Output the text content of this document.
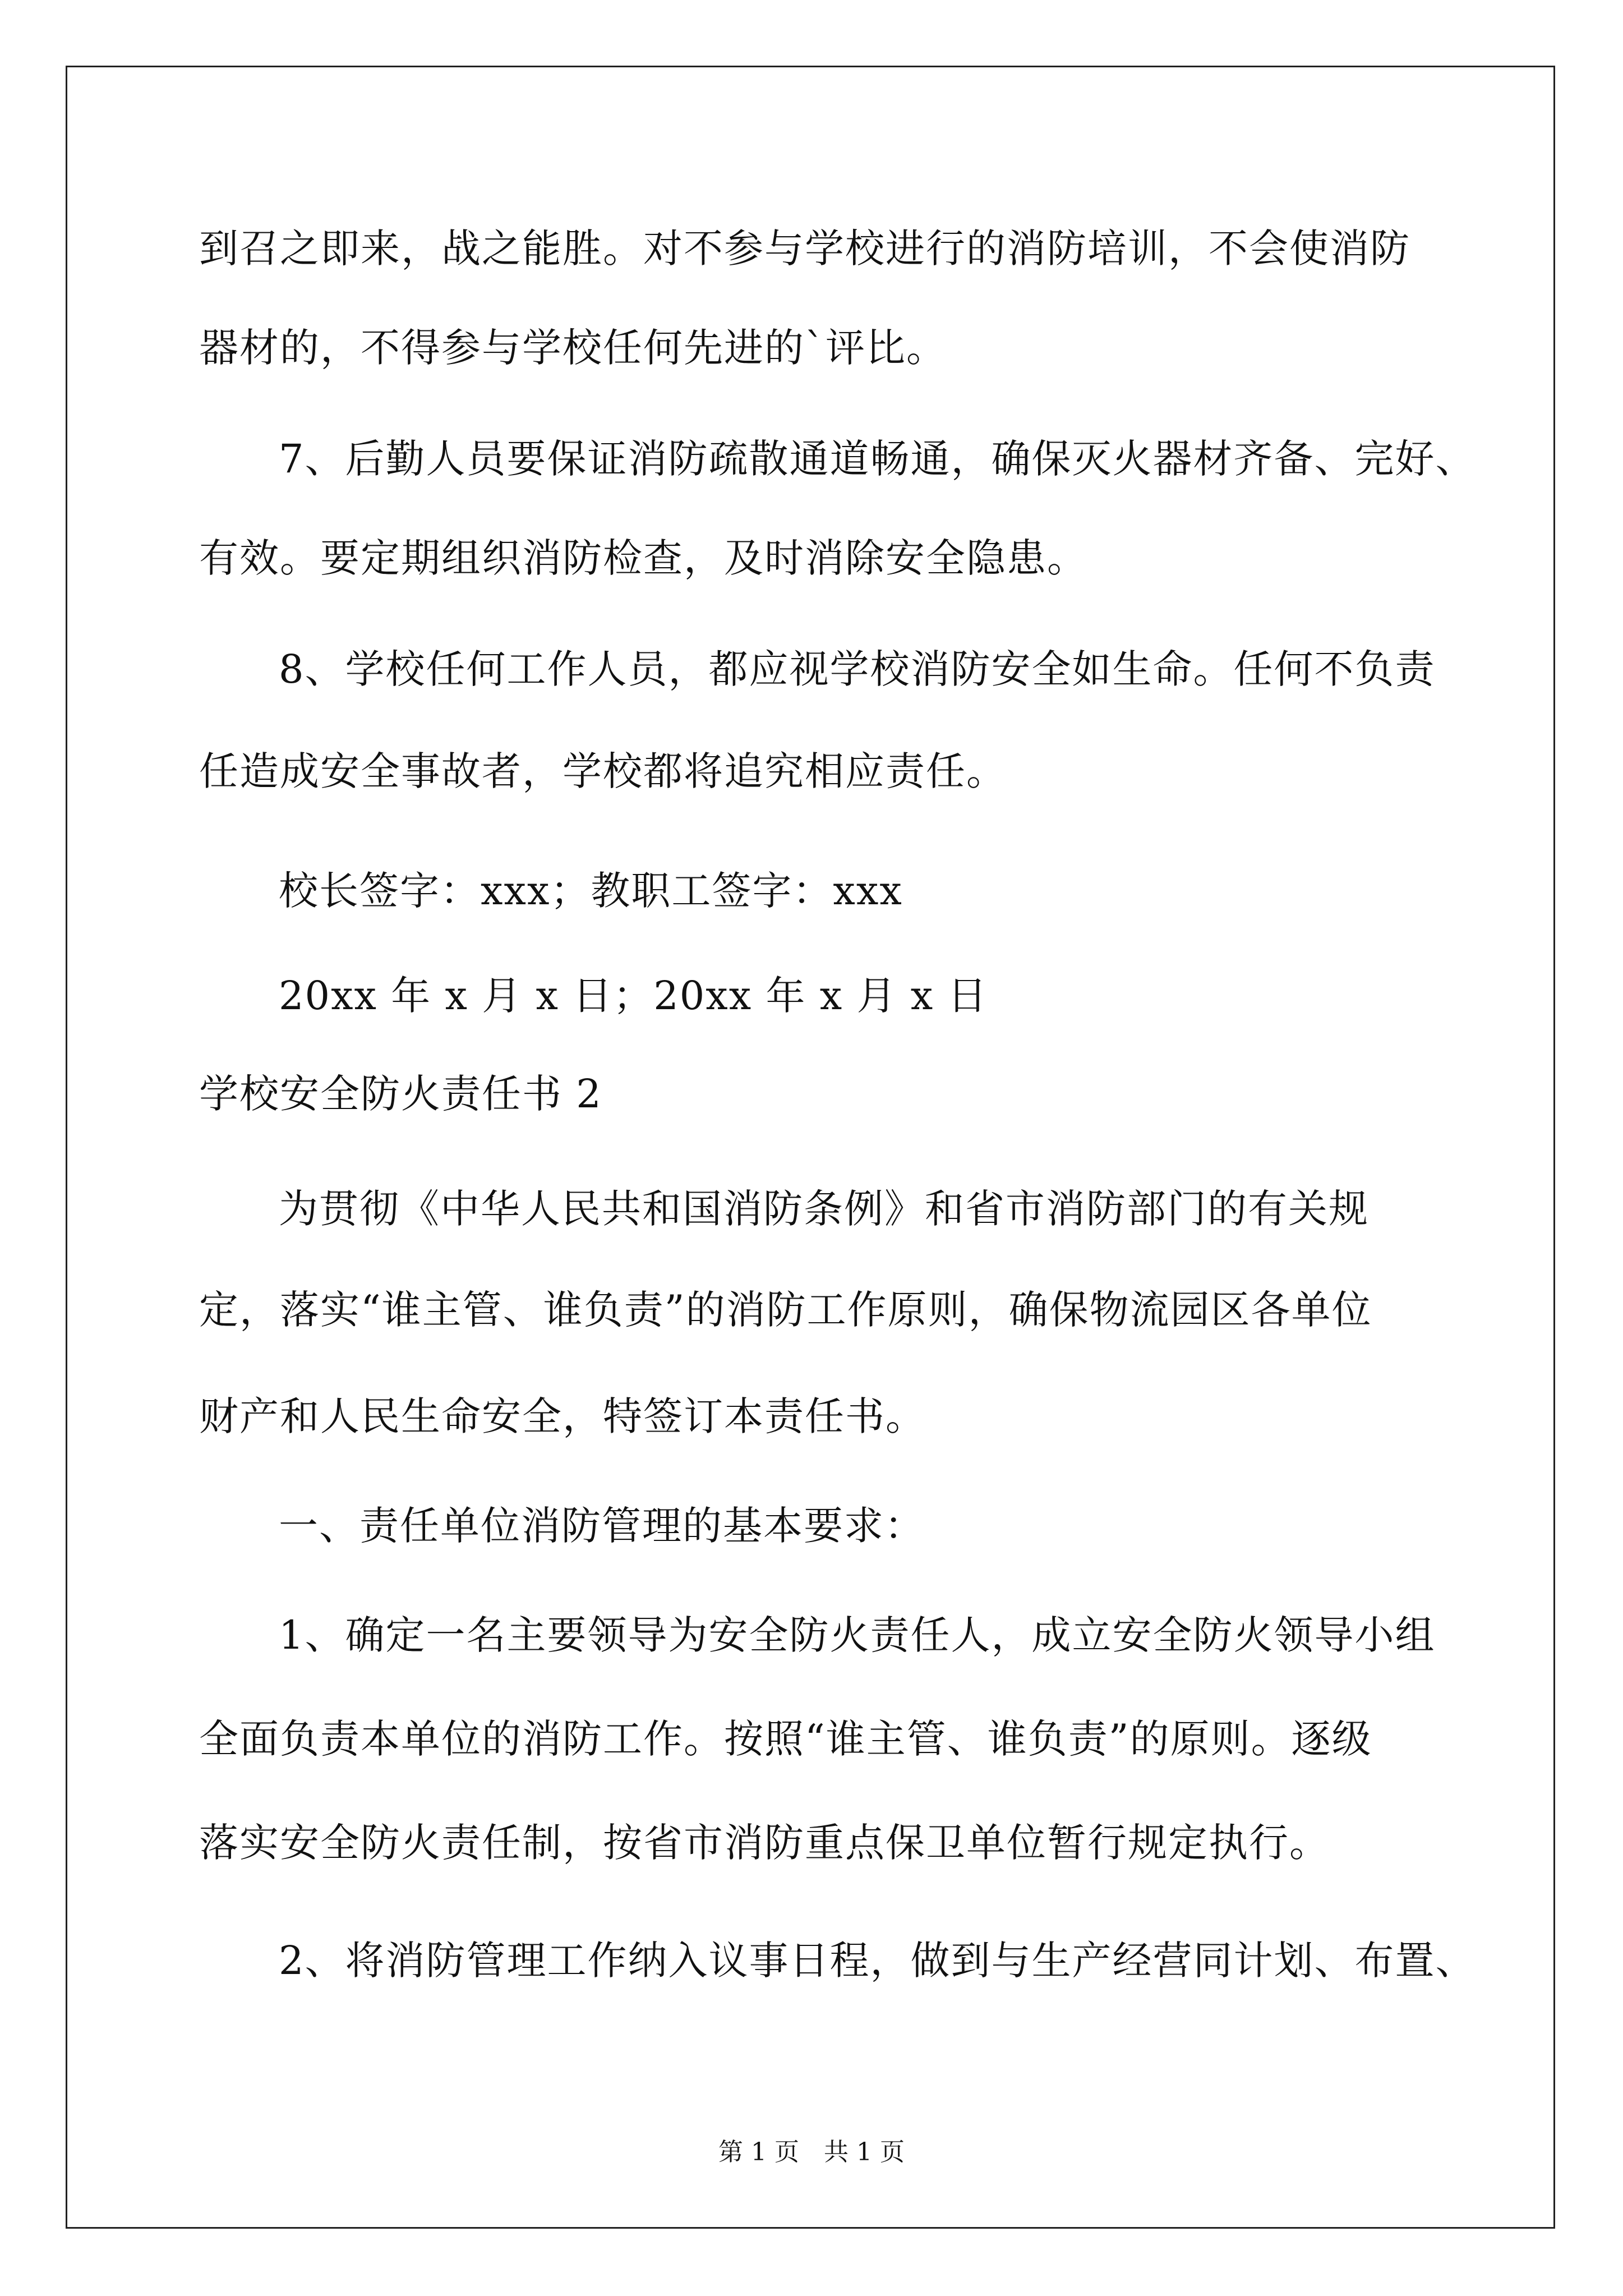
到召之即来，战之能胜。对不参与学校进行的消防培训，不会使消防
器材的，不得参与学校任何先进的`评比。
7、后勤人员要保证消防疏散通道畅通，确保灭火器材齐备、完好、
有效。要定期组织消防检查，及时消除安全隐患。
8、学校任何工作人员，都应视学校消防安全如生命。任何不负责
任造成安全事故者，学校都将追究相应责任。
校长签字：xxx；教职工签字：xxx
20xx 年 x 月 x 日；20xx 年 x 月 x 日
学校安全防火责任书 2
为贯彻《中华人民共和国消防条例》和省市消防部门的有关规
定，落实“谁主管、谁负责”的消防工作原则，确保物流园区各单位
财产和人民生命安全，特签订本责任书。
一、责任单位消防管理的基本要求：
1、确定一名主要领导为安全防火责任人，成立安全防火领导小组
全面负责本单位的消防工作。按照“谁主管、谁负责”的原则。逐级
落实安全防火责任制，按省市消防重点保卫单位暂行规定执行。
2、将消防管理工作纳入议事日程，做到与生产经营同计划、布置、
第 1 页　共 1 页
